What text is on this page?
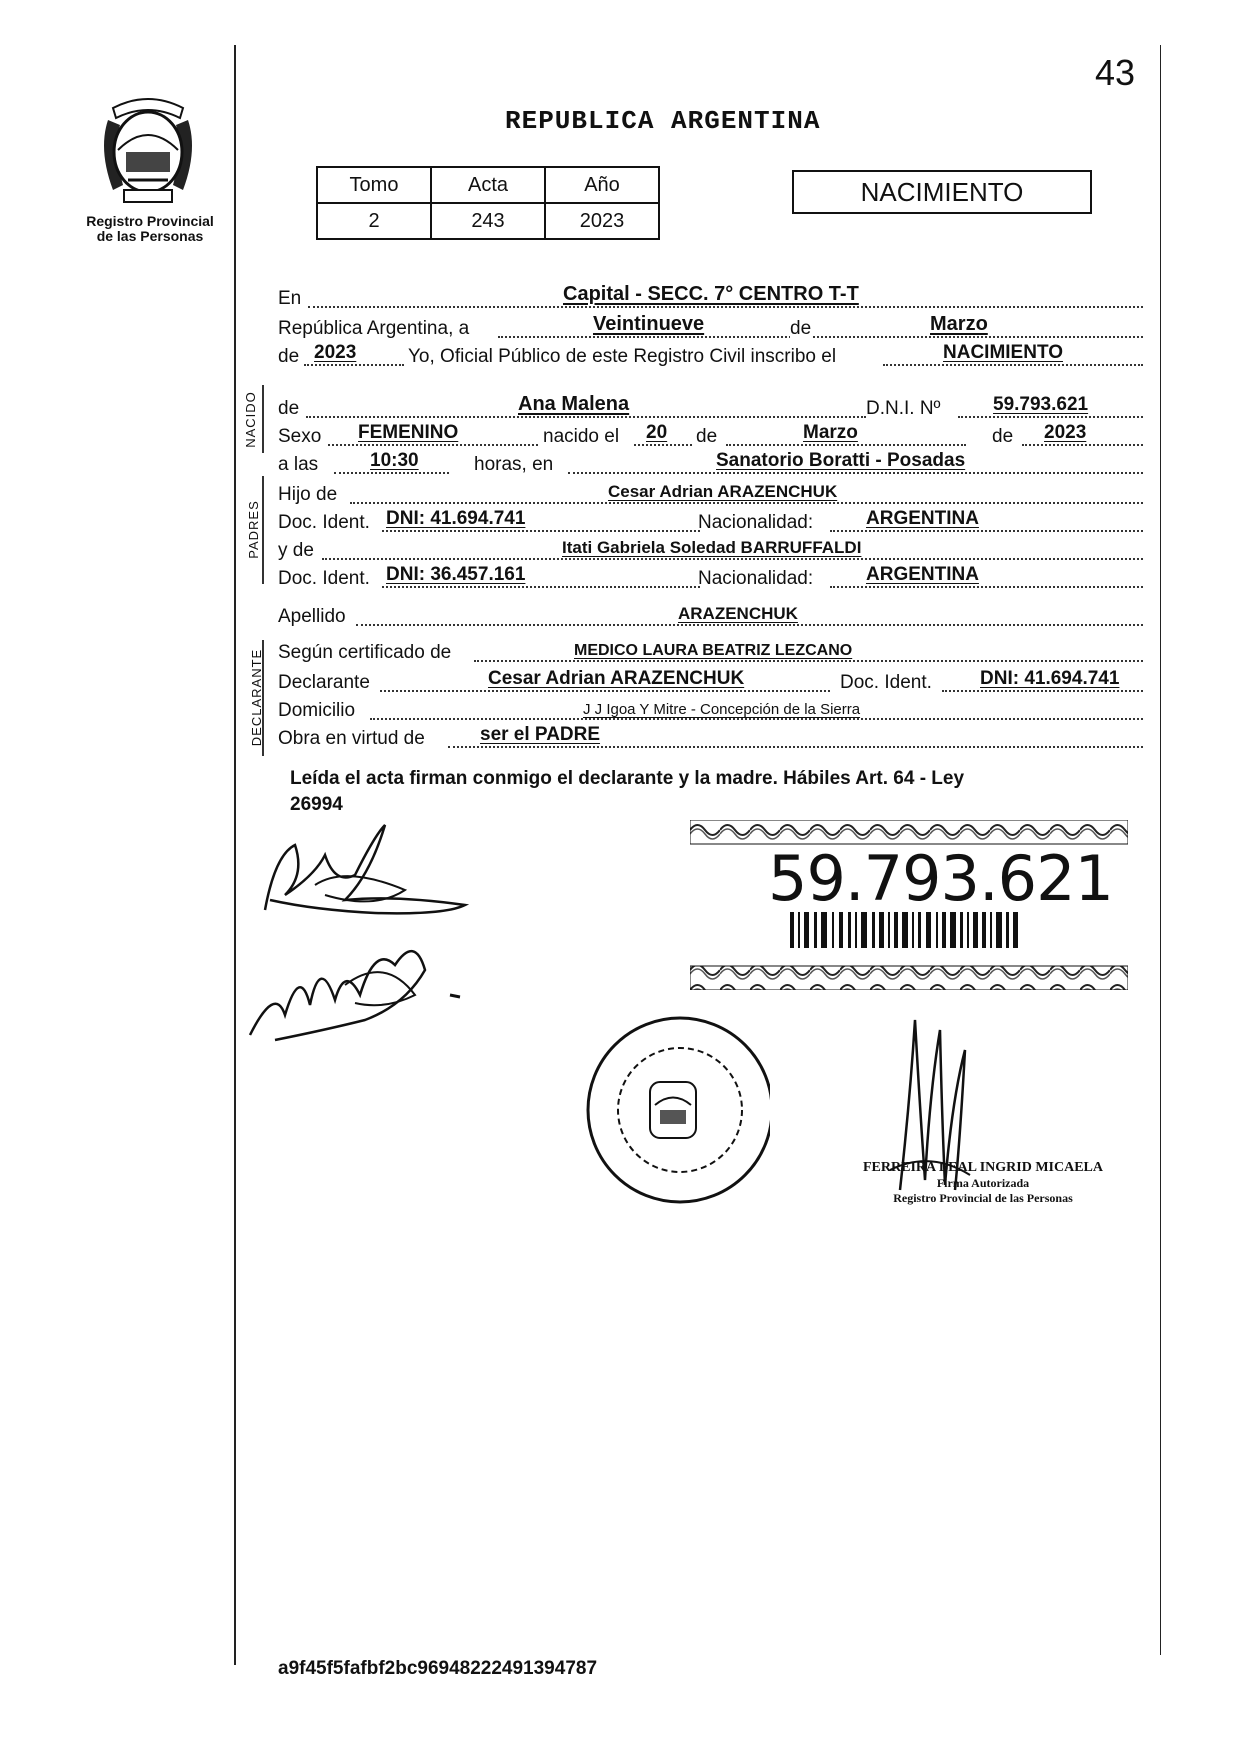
Registro Provincial
de las Personas
43
REPUBLICA ARGENTINA
Tomo	Acta	Año
2	243	2023
NACIMIENTO
En	Capital - SECC. 7° CENTRO T-T
República Argentina, a	Veintinueve	de	Marzo
de 2023	Yo, Oficial Público de este Registro Civil inscribo el	NACIMIENTO
NACIDO de	Ana Malena	D.N.I. Nº	59.793.621
Sexo FEMENINO	nacido el 20 de	Marzo	de 2023
a las	10:30	horas, en	Sanatorio Boratti - Posadas
PADRES
Hijo de	Cesar Adrian ARAZENCHUK
Doc. Ident. DNI: 41.694.741	Nacionalidad:	ARGENTINA
y de	Itati Gabriela Soledad BARRUFFALDI
Doc. Ident. DNI: 36.457.161	Nacionalidad:	ARGENTINA
Apellido	ARAZENCHUK
DECLARANTE Según certificado de	MEDICO LAURA BEATRIZ LEZCANO
Declarante	Cesar Adrian ARAZENCHUK	Doc. Ident.	DNI: 41.694.741
Domicilio	J J Igoa Y Mitre - Concepción de la Sierra
Obra en virtud de	ser el PADRE
Leída el acta firman conmigo el declarante y la madre. Hábiles Art. 64 - Ley
26994
59.793.621
FERREIRA LEAL INGRID MICAELA
Firma Autorizada
Registro Provincial de las Personas
a9f45f5fafbf2bc96948222491394787
